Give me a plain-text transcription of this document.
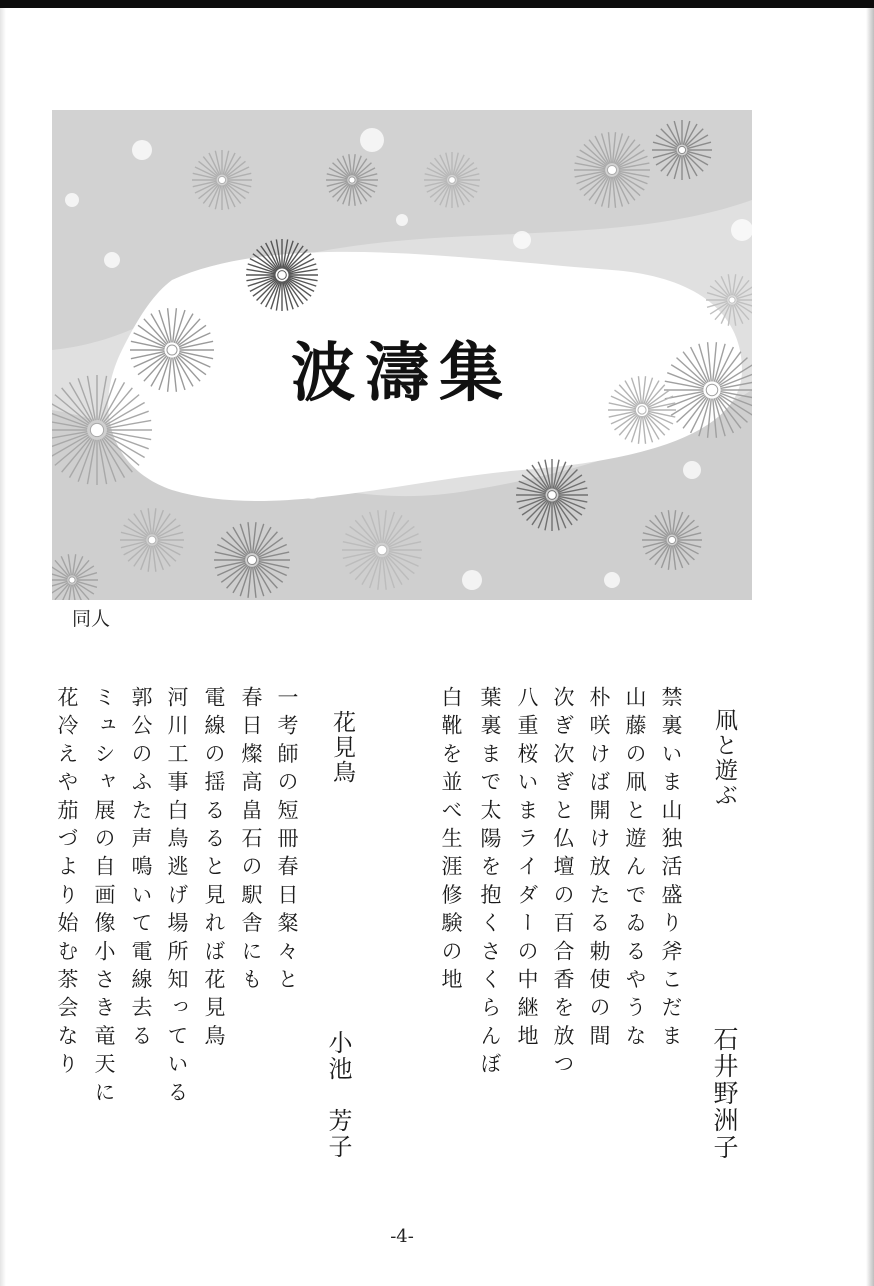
波濤集
同人
凧と遊ぶ
石井野洲子
禁裏いま山独活盛り斧こだま
山藤の凧と遊んでゐるやうな
朴咲けば開け放たる勅使の間
次ぎ次ぎと仏壇の百合香を放つ
八重桜いまライダーの中継地
葉裏まで太陽を抱くさくらんぼ
白靴を並べ生涯修験の地
花見鳥
小池　芳子
一考師の短冊春日粲々と
春日燦高畠石の駅舎にも
電線の揺るると見れば花見鳥
河川工事白鳥逃げ場所知っている
郭公のふた声鳴いて電線去る
ミュシャ展の自画像小さき竜天に
花冷えや茄づより始む茶会なり
-4-
